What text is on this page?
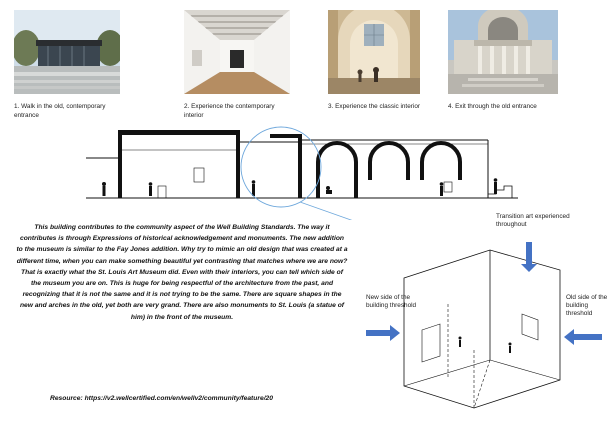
1. Walk in the old, contemporary entrance
2. Experience the contemporary interior
3. Experience the classic interior	4. Exit through the old entrance

This building contributes to the community aspect of the Well Building Standards. The way it contributes is through Expressions of historical acknowledgement and monuments. The new addition to the museum is similar to the Fay Jones addition. Why try to mimic an old design that was created at a different time, when you can make something beautiful yet contrasting that matches where we are now? That is exactly what the St. Louis Art Museum did. Even with their interiors, you can tell which side of the museum you are on. This is huge for being respectful of the architecture from the past, and recognizing that it is not the same and it is not trying to be the same. There are square shapes in the new and arches in the old, yet both are very grand. There are also monuments to St. Louis (a statue of him) in the front of the museum.

Resource: https://v2.wellcertified.com/en/wellv2/community/feature/20
Transition art experienced throughout
New side of the building threshold
Old side of the building threshold
